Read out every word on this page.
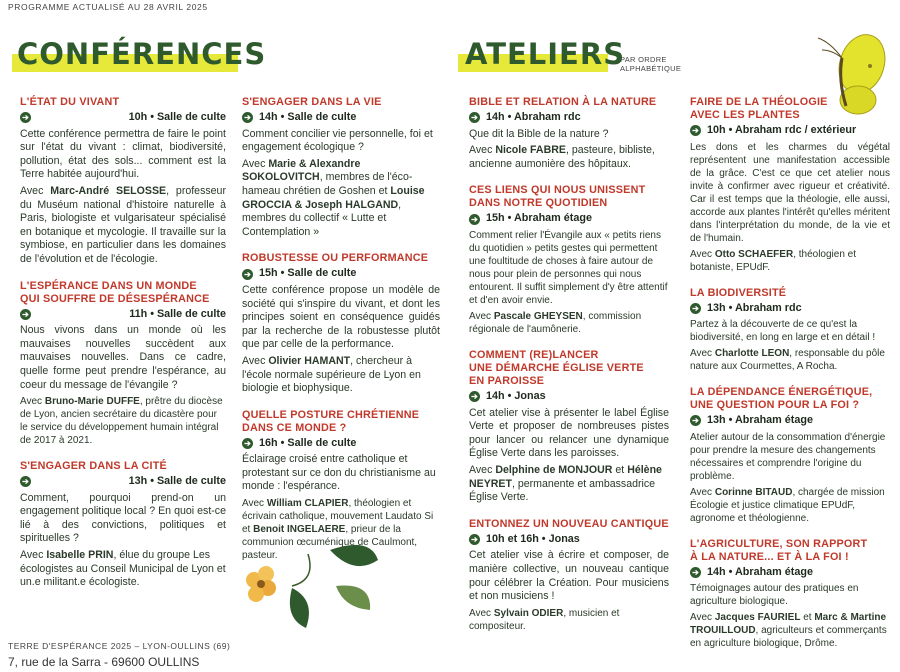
PROGRAMME ACTUALISÉ AU 28 AVRIL 2025
CONFÉRENCES	ATELIERS
PAR ORDRE
ALPHABÉTIQUE
L'ÉTAT DU VIVANT
➔	10h • Salle de culte

Cette conférence permettra de faire le point sur l'état du vivant : climat, biodiversité, pollution, état des sols... comment est la Terre habitée aujourd'hui.

Avec Marc-André SELOSSE, professeur du Muséum national d'histoire naturelle à Paris, biologiste et vulgarisateur spécialisé en botanique et mycologie. Il travaille sur la symbiose, en particulier dans les domaines de l'évolution et de l'écologie.

L'ESPÉRANCE DANS UN MONDE
QUI SOUFFRE DE DÉSESPÉRANCE
➔	11h • Salle de culte

Nous vivons dans un monde où les mauvaises nouvelles succèdent aux mauvaises nouvelles. Dans ce cadre, quelle forme peut prendre l'espérance, au coeur du message de l'évangile ?

Avec Bruno-Marie DUFFE, prêtre du diocèse de Lyon, ancien secrétaire du dicastère pour le service du développement humain intégral de 2017 à 2021.

S'ENGAGER DANS LA CITÉ
➔	13h • Salle de culte

Comment, pourquoi prend-on un engagement politique local ? En quoi est-ce lié à des convictions, politiques et spirituelles ?

Avec Isabelle PRIN, élue du groupe Les écologistes au Conseil Municipal de Lyon et un.e militant.e écologiste.

S'ENGAGER DANS LA VIE
➔ 14h • Salle de culte

Comment concilier vie personnelle, foi et engagement écologique ?

Avec Marie & Alexandre SOKOLOVITCH, membres de l'éco-hameau chrétien de Goshen et Louise GROCCIA & Joseph HALGAND, membres du collectif « Lutte et Contemplation »

ROBUSTESSE OU PERFORMANCE
➔ 15h • Salle de culte

Cette conférence propose un modèle de société qui s'inspire du vivant, et dont les principes soient en conséquence guidés par la recherche de la robustesse plutôt que par celle de la performance.

Avec Olivier HAMANT, chercheur à l'école normale supérieure de Lyon en biologie et biophysique.

QUELLE POSTURE CHRÉTIENNE
DANS CE MONDE ?
➔ 16h • Salle de culte

Éclairage croisé entre catholique et protestant sur ce don du christianisme au monde : l'espérance.

Avec William CLAPIER, théologien et écrivain catholique, mouvement Laudato Si et Benoit INGELAERE, prieur de la communion œcuménique de Caulmont, pasteur.

BIBLE ET RELATION À LA NATURE
➔ 14h • Abraham rdc

Que dit la Bible de la nature ?

Avec Nicole FABRE, pasteure, bibliste, ancienne aumonière des hôpitaux.

CES LIENS QUI NOUS UNISSENT
DANS NOTRE QUOTIDIEN
➔ 15h • Abraham étage

Comment relier l'Évangile aux « petits riens du quotidien » petits gestes qui permettent une foultitude de choses à faire autour de nous pour plein de personnes qui nous entourent. Il suffit simplement d'y être attentif et d'en avoir envie.

Avec Pascale GHEYSEN, commission régionale de l'aumônerie.

COMMENT (RE)LANCER
UNE DÉMARCHE ÉGLISE VERTE
EN PAROISSE
➔ 14h • Jonas

Cet atelier vise à présenter le label Église Verte et proposer de nombreuses pistes pour lancer ou relancer une dynamique Église Verte dans les paroisses.

Avec Delphine de MONJOUR et Hélène NEYRET, permanente et ambassadrice Église Verte.

ENTONNEZ UN NOUVEAU CANTIQUE
➔ 10h et 16h • Jonas

Cet atelier vise à écrire et composer, de manière collective, un nouveau cantique pour célébrer la Création. Pour musiciens et non musiciens !

Avec Sylvain ODIER, musicien et compositeur.

FAIRE DE LA THÉOLOGIE
AVEC LES PLANTES
➔ 10h • Abraham rdc / extérieur

Les dons et les charmes du végétal représentent une manifestation accessible de la grâce. C'est ce que cet atelier nous invite à confirmer avec rigueur et créativité. Car il est temps que la théologie, elle aussi, accorde aux plantes l'intérêt qu'elles méritent dans l'interprétation du monde, de la vie et de l'humain.

Avec Otto SCHAEFER, théologien et botaniste, EPUdF.

LA BIODIVERSITÉ
➔ 13h • Abraham rdc

Partez à la découverte de ce qu'est la biodiversité, en long en large et en détail !

Avec Charlotte LEON, responsable du pôle nature aux Courmettes, A Rocha.

LA DÉPENDANCE ÉNERGÉTIQUE,
UNE QUESTION POUR LA FOI ?
➔ 13h • Abraham étage

Atelier autour de la consommation d'énergie pour prendre la mesure des changements nécessaires et comprendre l'origine du problème.

Avec Corinne BITAUD, chargée de mission Écologie et justice climatique EPUdF, agronome et théologienne.

L'AGRICULTURE, SON RAPPORT
À LA NATURE... ET À LA FOI !
➔ 14h • Abraham étage

Témoignages autour des pratiques en agriculture biologique.

Avec Jacques FAURIEL et Marc & Martine TROUILLOUD, agriculteurs et commerçants en agriculture biologique, Drôme.

TERRE D'ESPÉRANCE 2025 – LYON-OULLINS (69)
7, rue de la Sarra - 69600 OULLINS
